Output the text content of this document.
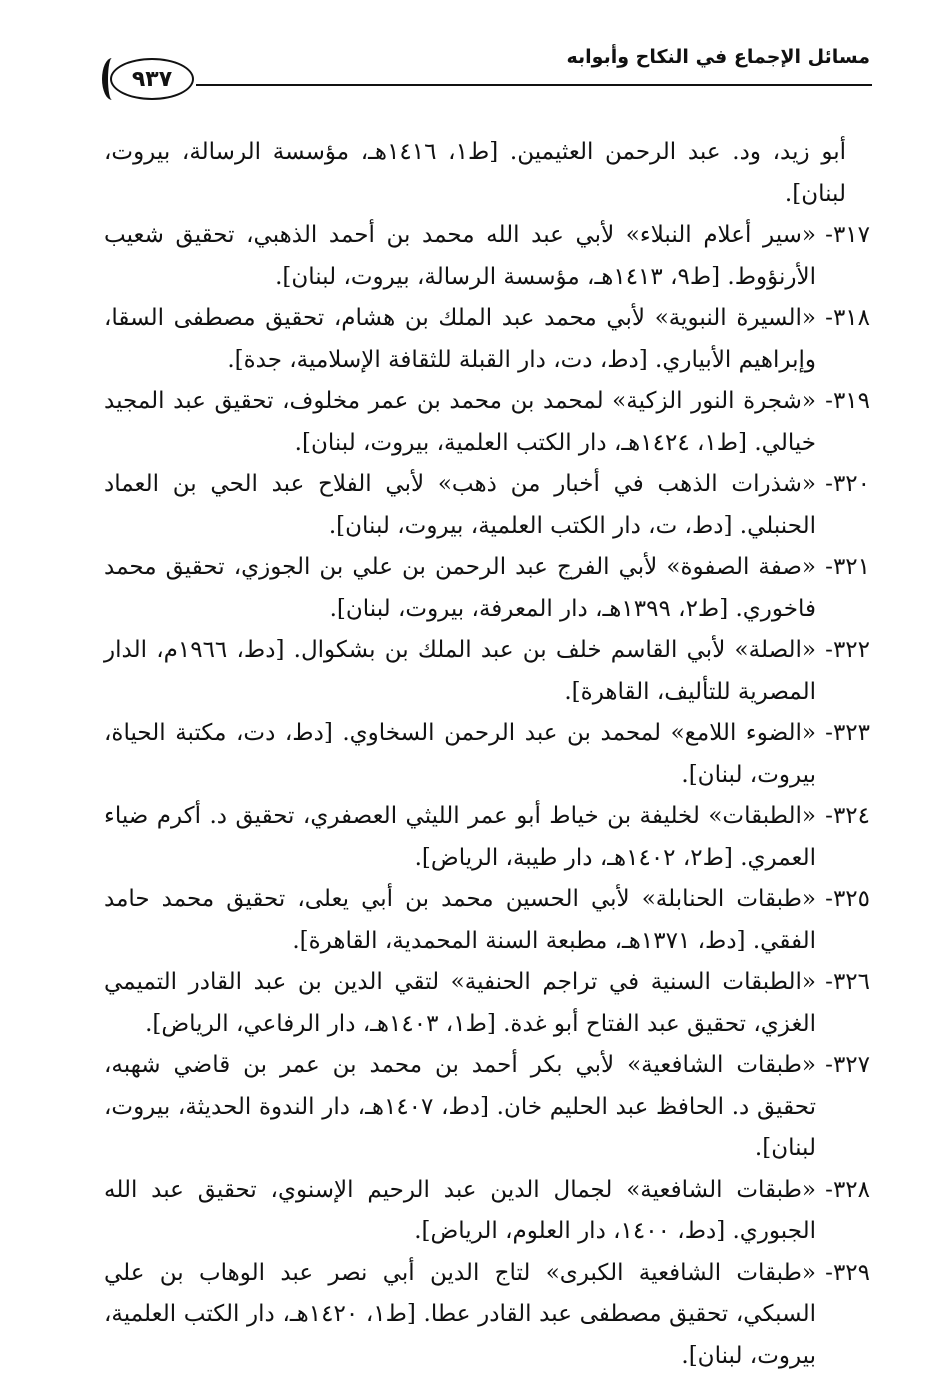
مسائل الإجماع في النكاح وأبوابه
٩٣٧

أبو زيد، ود. عبد الرحمن العثيمين. [ط١، ١٤١٦هـ، مؤسسة الرسالة، بيروت، لبنان].

٣١٧-
«سير أعلام النبلاء» لأبي عبد الله محمد بن أحمد الذهبي، تحقيق شعيب الأرنؤوط. [ط٩، ١٤١٣هـ، مؤسسة الرسالة، بيروت، لبنان].

٣١٨-
«السيرة النبوية» لأبي محمد عبد الملك بن هشام، تحقيق مصطفى السقا، وإبراهيم الأبياري. [دط، دت، دار القبلة للثقافة الإسلامية، جدة].

٣١٩-
«شجرة النور الزكية» لمحمد بن محمد بن عمر مخلوف، تحقيق عبد المجيد خيالي. [ط١، ١٤٢٤هـ، دار الكتب العلمية، بيروت، لبنان].

٣٢٠-
«شذرات الذهب في أخبار من ذهب» لأبي الفلاح عبد الحي بن العماد الحنبلي. [دط، ت، دار الكتب العلمية، بيروت، لبنان].

٣٢١-
«صفة الصفوة» لأبي الفرج عبد الرحمن بن علي بن الجوزي، تحقيق محمد فاخوري. [ط٢، ١٣٩٩هـ، دار المعرفة، بيروت، لبنان].

٣٢٢-
«الصلة» لأبي القاسم خلف بن عبد الملك بن بشكوال. [دط، ١٩٦٦م، الدار المصرية للتأليف، القاهرة].

٣٢٣-
«الضوء اللامع» لمحمد بن عبد الرحمن السخاوي. [دط، دت، مكتبة الحياة، بيروت، لبنان].

٣٢٤-
«الطبقات» لخليفة بن خياط أبو عمر الليثي العصفري، تحقيق د. أكرم ضياء العمري. [ط٢، ١٤٠٢هـ، دار طيبة، الرياض].

٣٢٥-
«طبقات الحنابلة» لأبي الحسين محمد بن أبي يعلى، تحقيق محمد حامد الفقي. [دط، ١٣٧١هـ، مطبعة السنة المحمدية، القاهرة].

٣٢٦-
«الطبقات السنية في تراجم الحنفية» لتقي الدين بن عبد القادر التميمي الغزي، تحقيق عبد الفتاح أبو غدة. [ط١، ١٤٠٣هـ، دار الرفاعي، الرياض].

٣٢٧-
«طبقات الشافعية» لأبي بكر أحمد بن محمد بن عمر بن قاضي شهبه، تحقيق د. الحافظ عبد الحليم خان. [دط، ١٤٠٧هـ، دار الندوة الحديثة، بيروت، لبنان].

٣٢٨-
«طبقات الشافعية» لجمال الدين عبد الرحيم الإسنوي، تحقيق عبد الله الجبوري. [دط، ١٤٠٠، دار العلوم، الرياض].

٣٢٩-
«طبقات الشافعية الكبرى» لتاج الدين أبي نصر عبد الوهاب بن علي السبكي، تحقيق مصطفى عبد القادر عطا. [ط١، ١٤٢٠هـ، دار الكتب العلمية، بيروت، لبنان].
